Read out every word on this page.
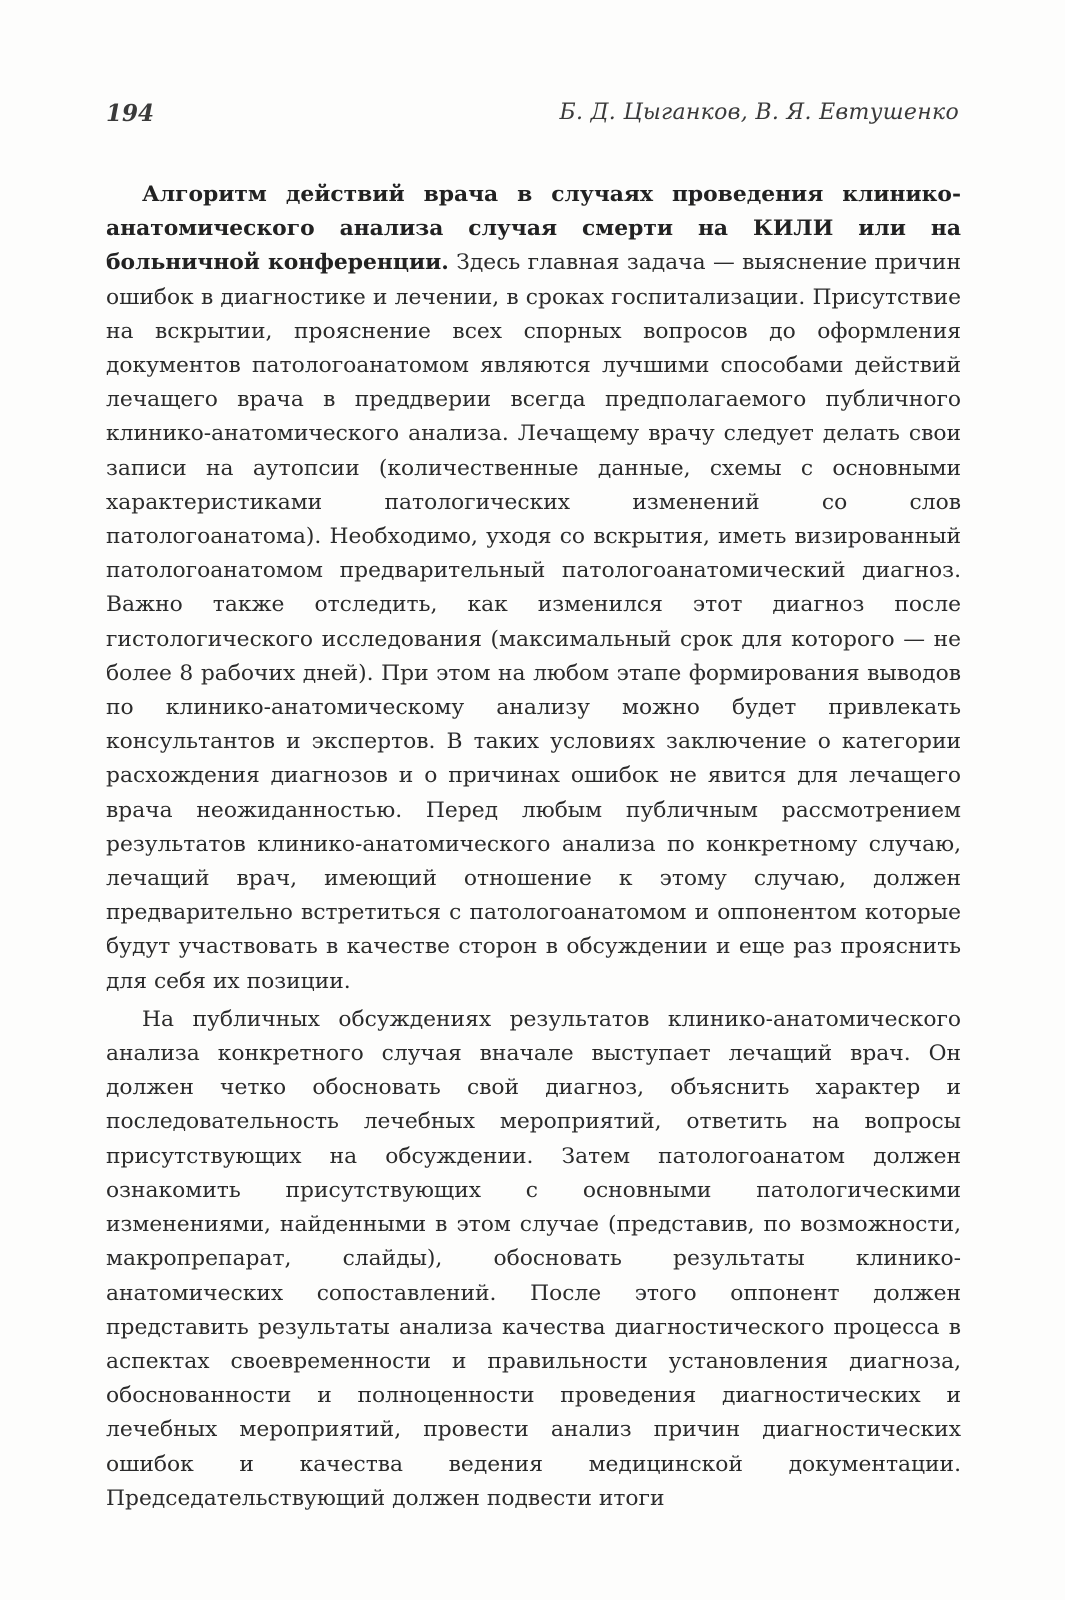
194	Б. Д. Цыганков, В. Я. Евтушенко

Алгоритм действий врача в случаях проведения клинико-анатомического анализа случая смерти на КИЛИ или на больничной конференции. Здесь главная задача — выяснение причин ошибок в диагностике и лечении, в сроках госпитализации. Присутствие на вскрытии, прояснение всех спорных вопросов до оформления документов патологоанатомом являются лучшими способами действий лечащего врача в преддверии всегда предполагаемого публичного клинико-анатомического анализа. Лечащему врачу следует делать свои записи на аутопсии (количественные данные, схемы с основными характеристиками патологических изменений со слов патологоанатома). Необходимо, уходя со вскрытия, иметь визированный патологоанатомом предварительный патологоанатомический диагноз. Важно также отследить, как изменился этот диагноз после гистологического исследования (максимальный срок для которого — не более 8 рабочих дней). При этом на любом этапе формирования выводов по клинико-анатомическому анализу можно будет привлекать консультантов и экспертов. В таких условиях заключение о категории расхождения диагнозов и о причинах ошибок не явится для лечащего врача неожиданностью. Перед любым публичным рассмотрением результатов клинико-анатомического анализа по конкретному случаю, лечащий врач, имеющий отношение к этому случаю, должен предварительно встретиться с патологоанатомом и оппонентом которые будут участвовать в качестве сторон в обсуждении и еще раз прояснить для себя их позиции.

На публичных обсуждениях результатов клинико-анатомического анализа конкретного случая вначале выступает лечащий врач. Он должен четко обосновать свой диагноз, объяснить характер и последовательность лечебных мероприятий, ответить на вопросы присутствующих на обсуждении. Затем патологоанатом должен ознакомить присутствующих с основными патологическими изменениями, найденными в этом случае (представив, по возможности, макропрепарат, слайды), обосновать результаты клинико-анатомических сопоставлений. После этого оппонент должен представить результаты анализа качества диагностического процесса в аспектах своевременности и правильности установления диагноза, обоснованности и полноценности проведения диагностических и лечебных мероприятий, провести анализ причин диагностических ошибок и качества ведения медицинской документации. Председательствующий должен подвести итоги
